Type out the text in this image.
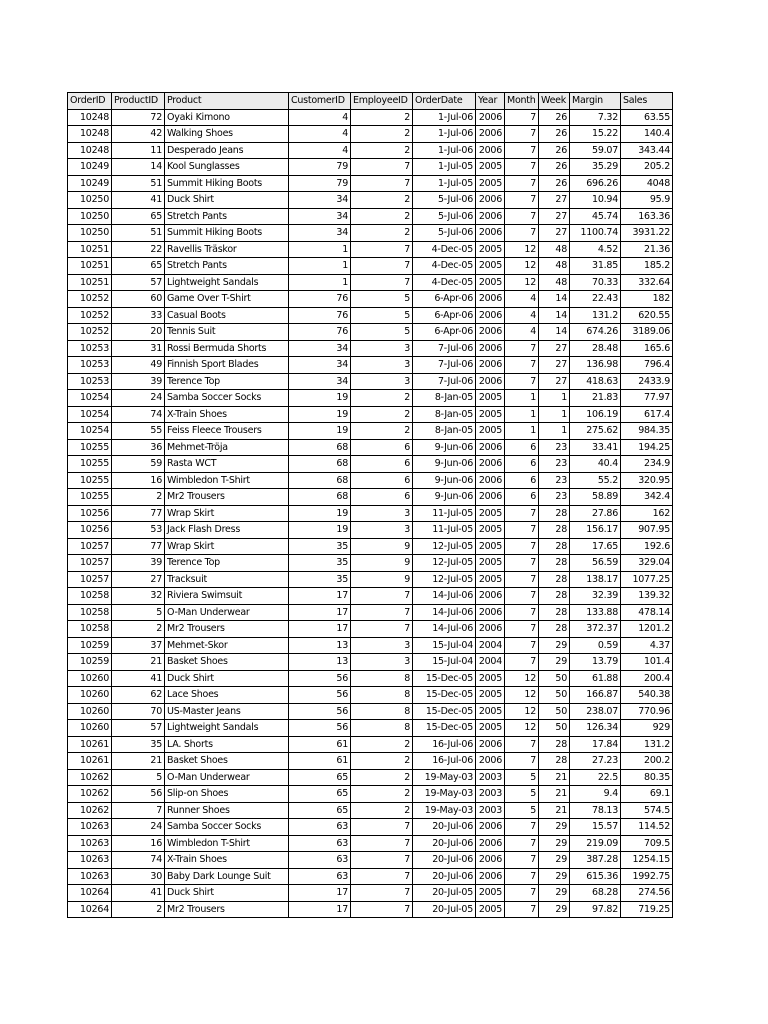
OrderID	ProductID	Product	CustomerID	EmployeeID	OrderDate	Year	Month	Week	Margin	Sales
10248	72	Oyaki Kimono	4	2	1-Jul-06	2006	7	26	7.32	63.55
10248	42	Walking Shoes	4	2	1-Jul-06	2006	7	26	15.22	140.4
10248	11	Desperado Jeans	4	2	1-Jul-06	2006	7	26	59.07	343.44
10249	14	Kool Sunglasses	79	7	1-Jul-05	2005	7	26	35.29	205.2
10249	51	Summit Hiking Boots	79	7	1-Jul-05	2005	7	26	696.26	4048
10250	41	Duck Shirt	34	2	5-Jul-06	2006	7	27	10.94	95.9
10250	65	Stretch Pants	34	2	5-Jul-06	2006	7	27	45.74	163.36
10250	51	Summit Hiking Boots	34	2	5-Jul-06	2006	7	27	1100.74	3931.22
10251	22	Ravellis Träskor	1	7	4-Dec-05	2005	12	48	4.52	21.36
10251	65	Stretch Pants	1	7	4-Dec-05	2005	12	48	31.85	185.2
10251	57	Lightweight Sandals	1	7	4-Dec-05	2005	12	48	70.33	332.64
10252	60	Game Over T-Shirt	76	5	6-Apr-06	2006	4	14	22.43	182
10252	33	Casual Boots	76	5	6-Apr-06	2006	4	14	131.2	620.55
10252	20	Tennis Suit	76	5	6-Apr-06	2006	4	14	674.26	3189.06
10253	31	Rossi Bermuda Shorts	34	3	7-Jul-06	2006	7	27	28.48	165.6
10253	49	Finnish Sport Blades	34	3	7-Jul-06	2006	7	27	136.98	796.4
10253	39	Terence Top	34	3	7-Jul-06	2006	7	27	418.63	2433.9
10254	24	Samba Soccer Socks	19	2	8-Jan-05	2005	1	1	21.83	77.97
10254	74	X-Train Shoes	19	2	8-Jan-05	2005	1	1	106.19	617.4
10254	55	Feiss Fleece Trousers	19	2	8-Jan-05	2005	1	1	275.62	984.35
10255	36	Mehmet-Tröja	68	6	9-Jun-06	2006	6	23	33.41	194.25
10255	59	Rasta WCT	68	6	9-Jun-06	2006	6	23	40.4	234.9
10255	16	Wimbledon T-Shirt	68	6	9-Jun-06	2006	6	23	55.2	320.95
10255	2	Mr2 Trousers	68	6	9-Jun-06	2006	6	23	58.89	342.4
10256	77	Wrap Skirt	19	3	11-Jul-05	2005	7	28	27.86	162
10256	53	Jack Flash Dress	19	3	11-Jul-05	2005	7	28	156.17	907.95
10257	77	Wrap Skirt	35	9	12-Jul-05	2005	7	28	17.65	192.6
10257	39	Terence Top	35	9	12-Jul-05	2005	7	28	56.59	329.04
10257	27	Tracksuit	35	9	12-Jul-05	2005	7	28	138.17	1077.25
10258	32	Riviera Swimsuit	17	7	14-Jul-06	2006	7	28	32.39	139.32
10258	5	O-Man Underwear	17	7	14-Jul-06	2006	7	28	133.88	478.14
10258	2	Mr2 Trousers	17	7	14-Jul-06	2006	7	28	372.37	1201.2
10259	37	Mehmet-Skor	13	3	15-Jul-04	2004	7	29	0.59	4.37
10259	21	Basket Shoes	13	3	15-Jul-04	2004	7	29	13.79	101.4
10260	41	Duck Shirt	56	8	15-Dec-05	2005	12	50	61.88	200.4
10260	62	Lace Shoes	56	8	15-Dec-05	2005	12	50	166.87	540.38
10260	70	US-Master Jeans	56	8	15-Dec-05	2005	12	50	238.07	770.96
10260	57	Lightweight Sandals	56	8	15-Dec-05	2005	12	50	126.34	929
10261	35	LA. Shorts	61	2	16-Jul-06	2006	7	28	17.84	131.2
10261	21	Basket Shoes	61	2	16-Jul-06	2006	7	28	27.23	200.2
10262	5	O-Man Underwear	65	2	19-May-03	2003	5	21	22.5	80.35
10262	56	Slip-on Shoes	65	2	19-May-03	2003	5	21	9.4	69.1
10262	7	Runner Shoes	65	2	19-May-03	2003	5	21	78.13	574.5
10263	24	Samba Soccer Socks	63	7	20-Jul-06	2006	7	29	15.57	114.52
10263	16	Wimbledon T-Shirt	63	7	20-Jul-06	2006	7	29	219.09	709.5
10263	74	X-Train Shoes	63	7	20-Jul-06	2006	7	29	387.28	1254.15
10263	30	Baby Dark Lounge Suit	63	7	20-Jul-06	2006	7	29	615.36	1992.75
10264	41	Duck Shirt	17	7	20-Jul-05	2005	7	29	68.28	274.56
10264	2	Mr2 Trousers	17	7	20-Jul-05	2005	7	29	97.82	719.25
